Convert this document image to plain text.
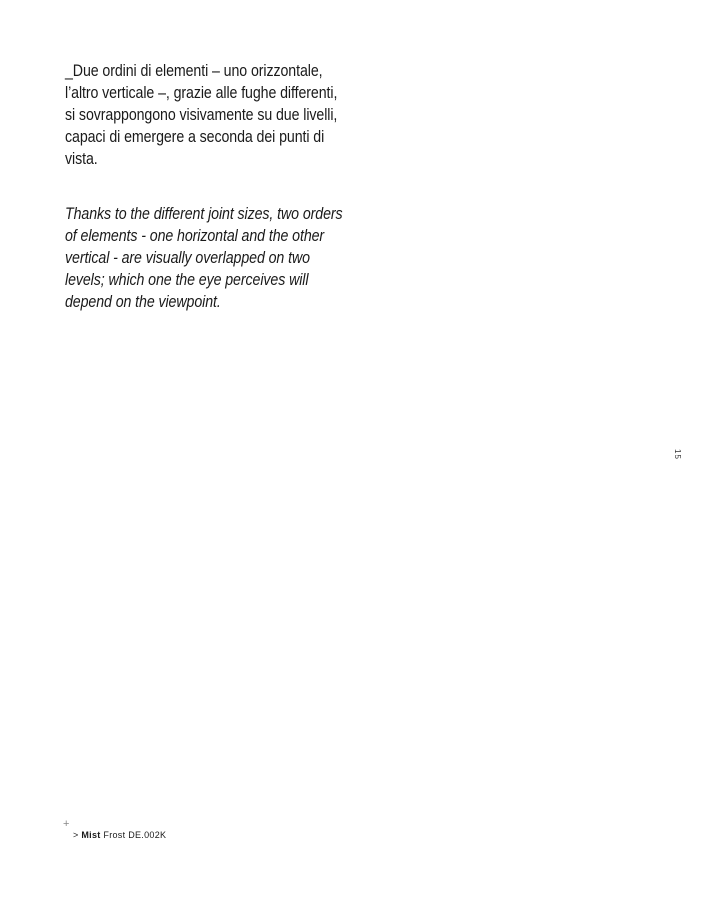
_Due ordini di elementi – uno orizzontale, l’altro verticale –, grazie alle fughe differenti, si sovrappongono visivamente su due livelli, capaci di emergere a seconda dei punti di vista.

Thanks to the different joint sizes, two orders of elements - one horizontal and the other vertical - are visually overlapped on two levels; which one the eye perceives will depend on the viewpoint.

15
+
> Mist Frost DE.002K
